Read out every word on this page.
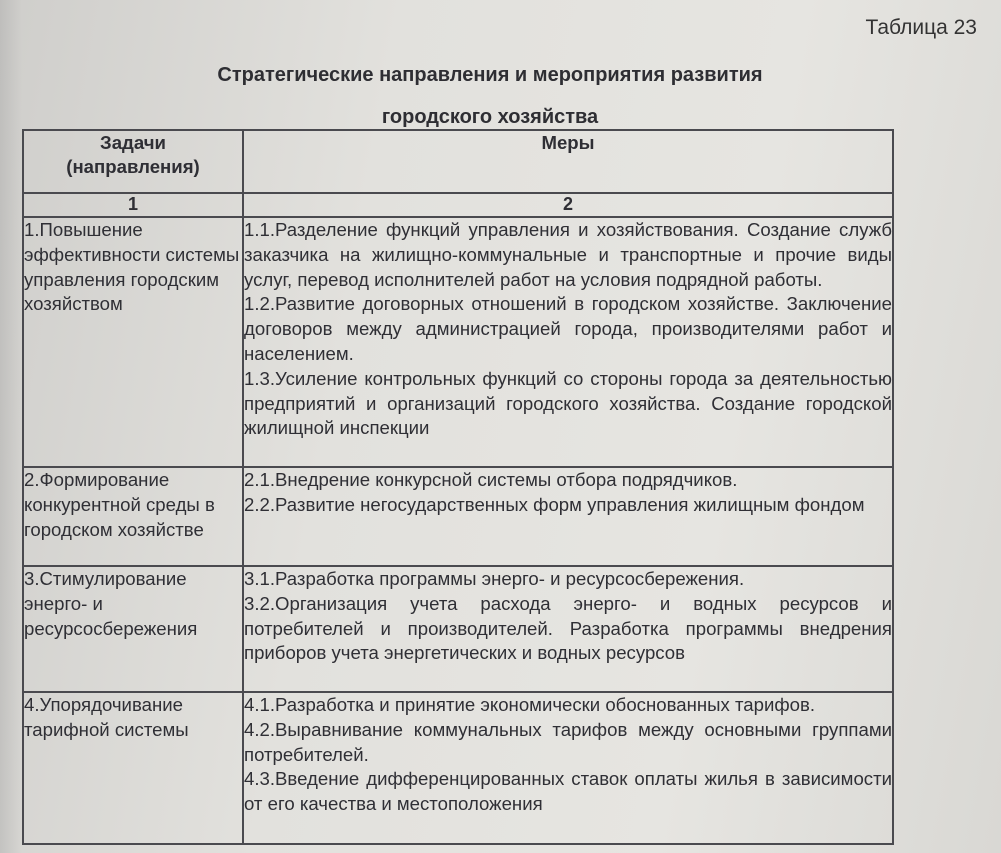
Таблица 23
Стратегические направления и мероприятия развития
городского хозяйства
Задачи (направления)	Меры
1	2
1.Повышение эффективности системы управления городским хозяйством	1.1.Разделение функций управления и хозяйствования. Создание служб заказчика на жилищно-коммунальные и транспортные и прочие виды услуг, перевод исполнителей работ на условия подрядной работы.
1.2.Развитие договорных отношений в городском хозяйстве. Заключение договоров между администрацией города, производителями работ и населением.
1.3.Усиление контрольных функций со стороны города за деятельностью предприятий и организаций городского хозяйства. Создание городской жилищной инспекции

2.Формирование конкурентной среды в городском хозяйстве	2.1.Внедрение конкурсной системы отбора подрядчиков.
2.2.Развитие негосударственных форм управления жилищным фондом

3.Стимулирование энерго- и ресурсосбережения	3.1.Разработка программы энерго- и ресурсосбережения.
3.2.Организация учета расхода энерго- и водных ресурсов и потребителей и производителей. Разработка программы внедрения приборов учета энергетических и водных ресурсов

4.Упорядочивание тарифной системы	4.1.Разработка и принятие экономически обоснованных тарифов.
4.2.Выравнивание коммунальных тарифов между основными группами потребителей.
4.3.Введение дифференцированных ставок оплаты жилья в зависимости от его качества и местоположения
